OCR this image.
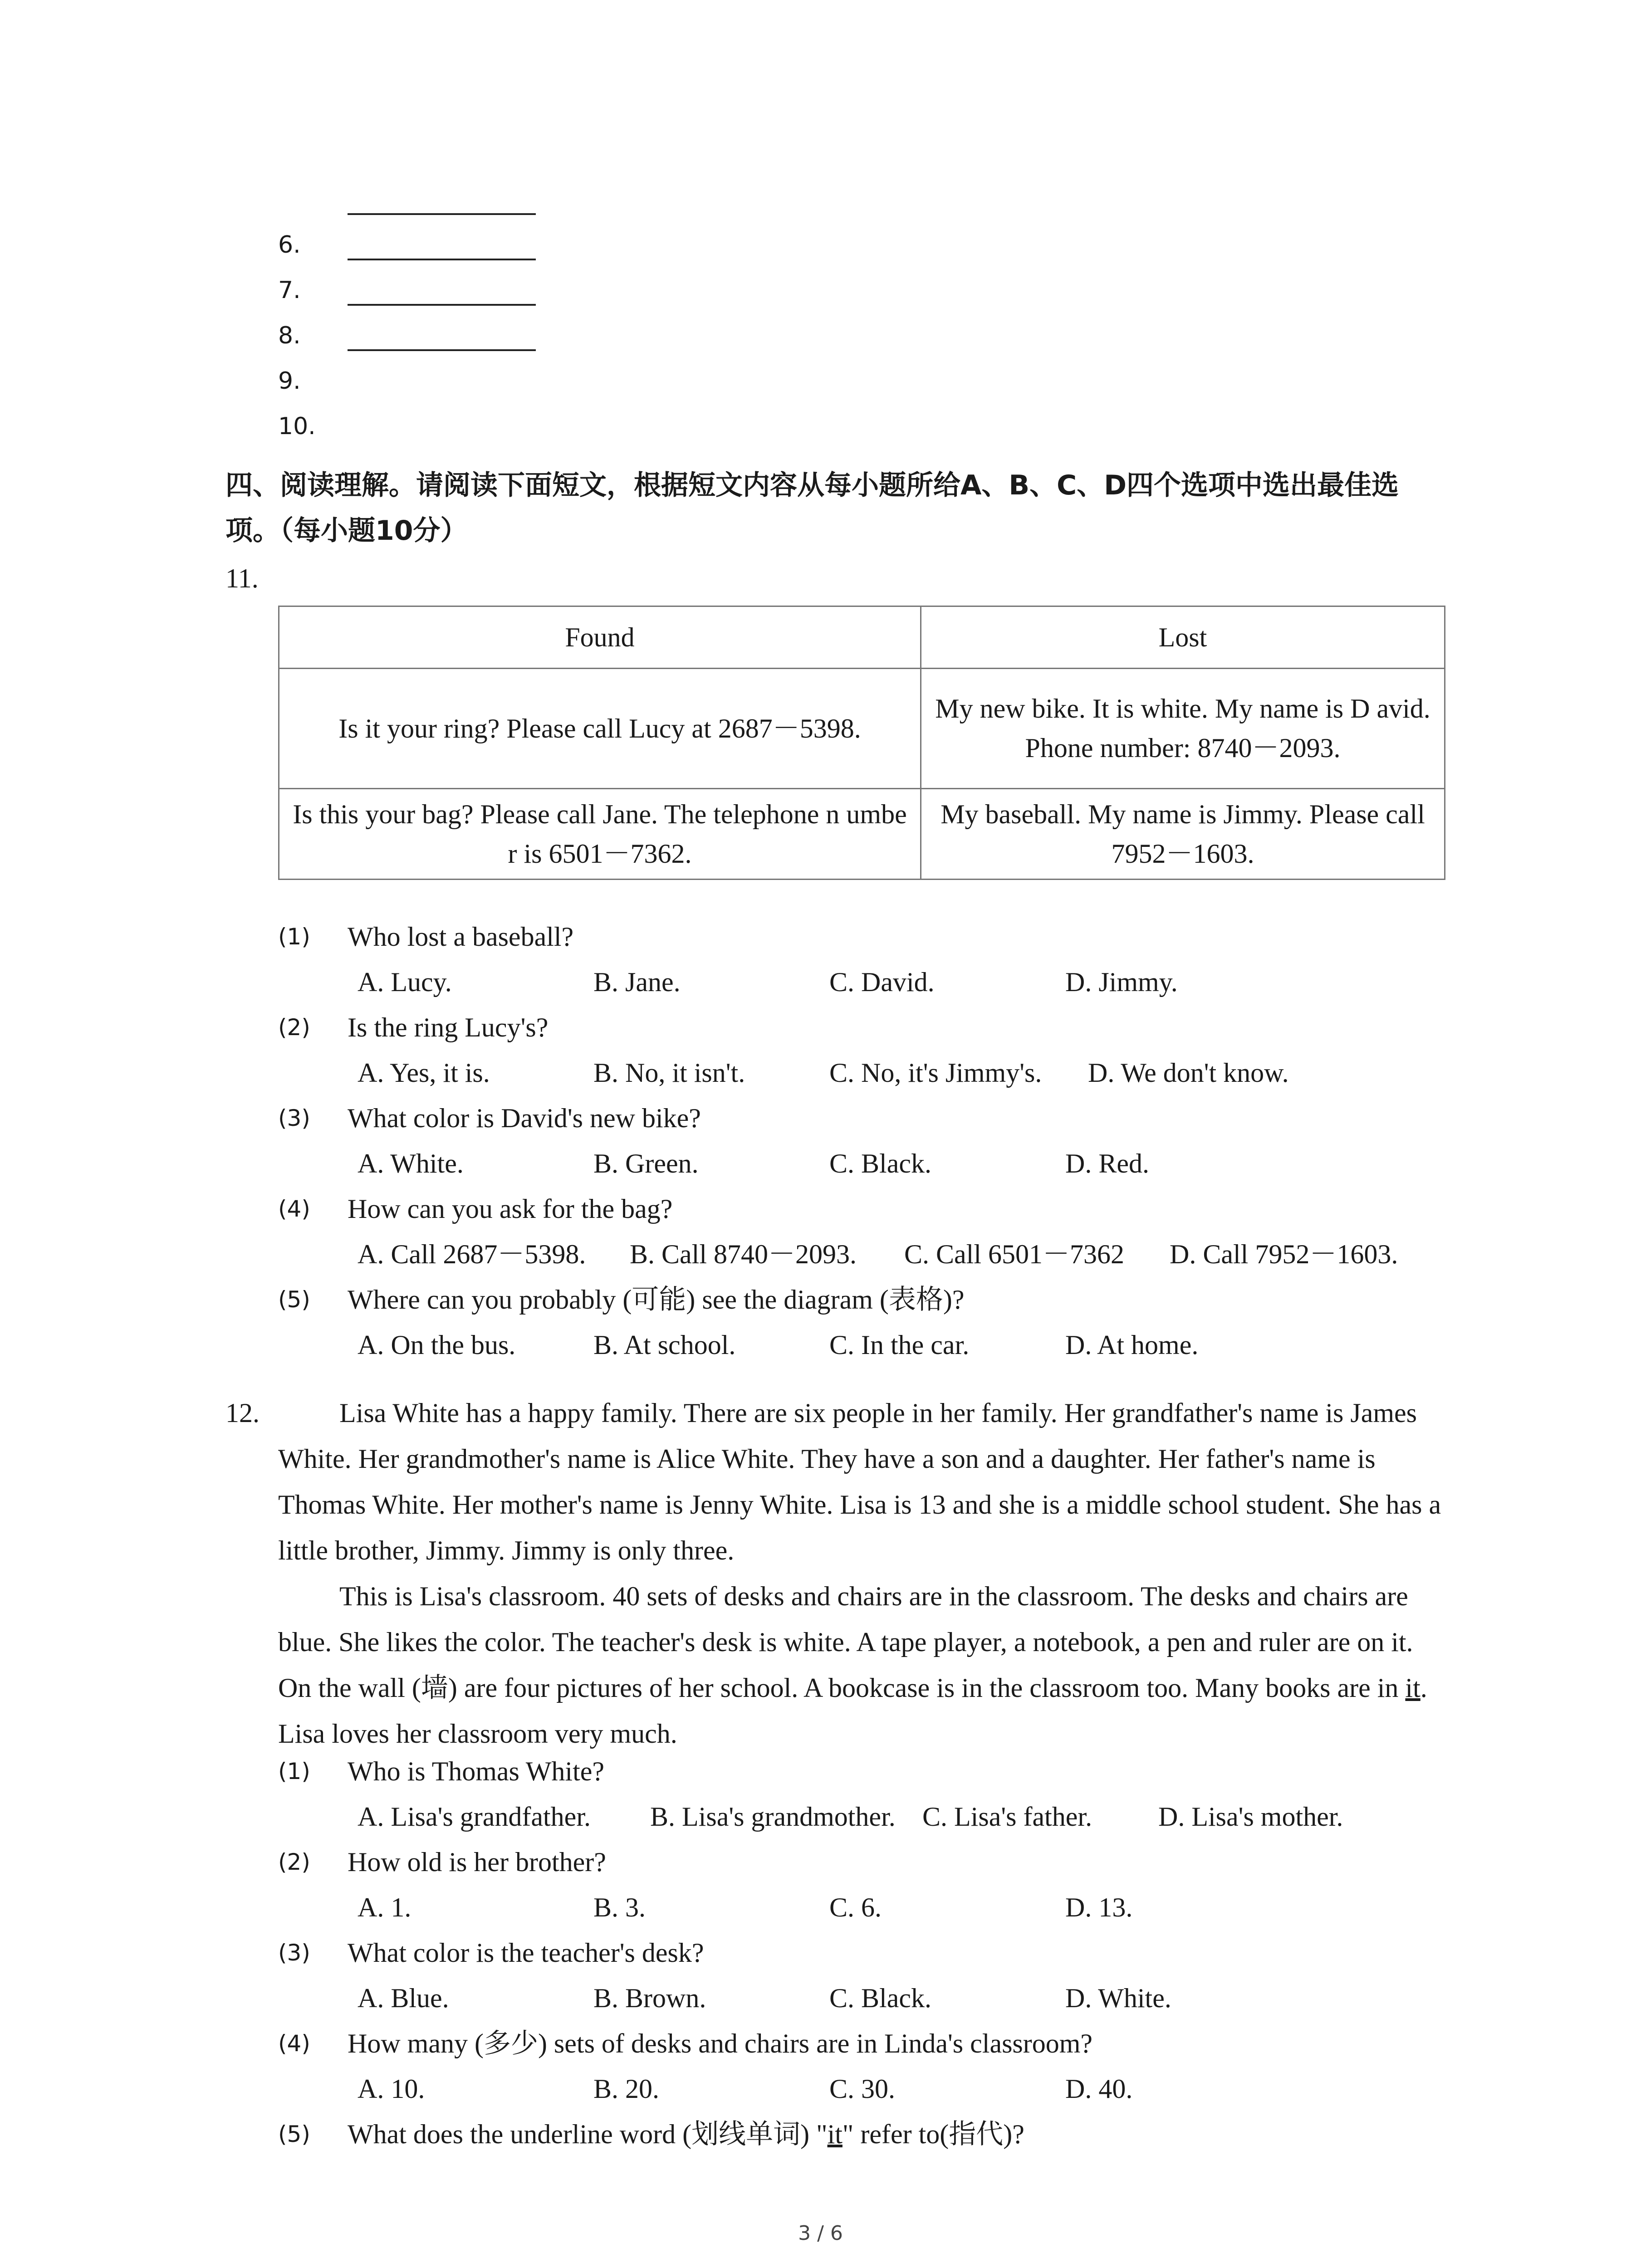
6.
7.
8.
9.
10.
四、阅读理解。请阅读下面短文，根据短文内容从每小题所给A、B、C、D四个选项中选出最佳选项。（每小题10分）
11.
Found	Lost
Is it your ring? Please call Lucy at 2687－5398.	My new bike. It is white. My name is D avid.
Phone number: 8740－2093.

Is this your bag? Please call Jane. The telephone n umber is 6501－7362.	My baseball. My name is Jimmy. Please call 7952－1603.
(1) Who lost a baseball?
A. Lucy.	B. Jane.	C. David.	D. Jimmy.
(2) Is the ring Lucy's?
A. Yes, it is.	B. No, it isn't.	C. No, it's Jimmy's. D. We don't know.
(3) What color is David's new bike?
A. White.	B. Green.	C. Black.	D. Red.
(4) How can you ask for the bag?
A. Call 2687－5398. B. Call 8740－2093. C. Call 6501－7362 D. Call 7952－1603.
(5) Where can you probably (可能) see the diagram (表格)?
A. On the bus.	B. At school.	C. In the car.	D. At home.
12.	Lisa White has a happy family. There are six people in her family. Her grandfather's name is James White. Her grandmother's name is Alice White. They have a son and a daughter. Her father's name is Thomas White. Her mother's name is Jenny White. Lisa is 13 and she is a middle school student. She has a little brother, Jimmy. Jimmy is only three.

This is Lisa's classroom. 40 sets of desks and chairs are in the classroom. The desks and chairs are blue. She likes the color. The teacher's desk is white. A tape player, a notebook, a pen and ruler are on it. On the wall (墙) are four pictures of her school. A bookcase is in the classroom too. Many books are in it. Lisa loves her classroom very much.

(1) Who is Thomas White?
A. Lisa's grandfather. B. Lisa's grandmother. C. Lisa's father. D. Lisa's mother.
(2) How old is her brother?
A. 1.	B. 3.	C. 6.	D. 13.
(3) What color is the teacher's desk?
A. Blue.	B. Brown.	C. Black.	D. White.
(4) How many (多少) sets of desks and chairs are in Linda's classroom?
A. 10.	B. 20.	C. 30.	D. 40.
(5) What does the underline word (划线单词) "it" refer to(指代)?
3 / 6
